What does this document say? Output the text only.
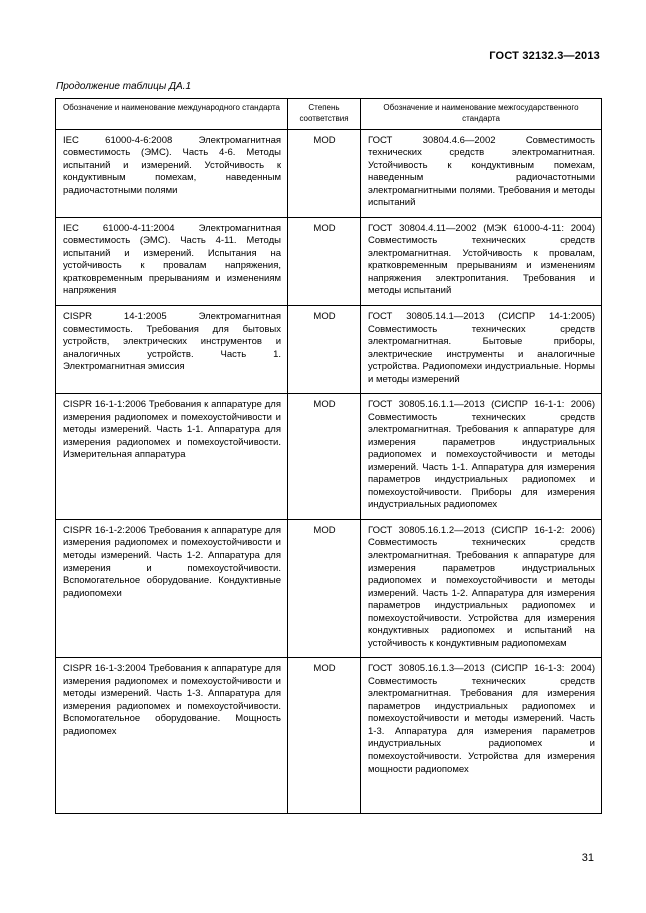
ГОСТ 32132.3—2013
Продолжение таблицы ДА.1
Обозначение и наименование международного стандарта	Степень соответствия	Обозначение и наименование межгосударственного стандарта
IEC 61000-4-6:2008 Электромагнитная совместимость (ЭМС). Часть 4-6. Методы испытаний и измерений. Устойчивость к кондуктивным помехам, наведенным радиочастотными полями	MOD	ГОСТ 30804.4.6—2002 Совместимость технических средств электромагнитная. Устойчивость к кондуктивным помехам, наведенным радиочастотными электромагнитными полями. Требования и методы испытаний
IEC 61000-4-11:2004 Электромагнитная совместимость (ЭМС). Часть 4-11. Методы испытаний и измерений. Испытания на устойчивость к провалам напряжения, кратковременным прерываниям и изменениям напряжения	MOD	ГОСТ 30804.4.11—2002 (МЭК 61000-4-11: 2004) Совместимость технических средств электромагнитная. Устойчивость к провалам, кратковременным прерываниям и изменениям напряжения электропитания. Требования и методы испытаний
CISPR 14-1:2005 Электромагнитная совместимость. Требования для бытовых устройств, электрических инструментов и аналогичных устройств. Часть 1. Электромагнитная эмиссия	MOD	ГОСТ 30805.14.1—2013 (СИСПР 14-1:2005) Совместимость технических средств электромагнитная. Бытовые приборы, электрические инструменты и аналогичные устройства. Радиопомехи индустриальные. Нормы и методы измерений
CISPR 16-1-1:2006 Требования к аппаратуре для измерения радиопомех и помехоустойчивости и методы измерений. Часть 1-1. Аппаратура для измерения радиопомех и помехоустойчивости. Измерительная аппаратура	MOD	ГОСТ 30805.16.1.1—2013 (СИСПР 16-1-1: 2006) Совместимость технических средств электромагнитная. Требования к аппаратуре для измерения параметров индустриальных радиопомех и помехоустойчивости и методы измерений. Часть 1-1. Аппаратура для измерения параметров индустриальных радиопомех и помехоустойчивости. Приборы для измерения индустриальных радиопомех
CISPR 16-1-2:2006 Требования к аппаратуре для измерения радиопомех и помехоустойчивости и методы измерений. Часть 1-2. Аппаратура для измерения и помехоустойчивости. Вспомогательное оборудование. Кондуктивные радиопомехи	MOD	ГОСТ 30805.16.1.2—2013 (СИСПР 16-1-2: 2006) Совместимость технических средств электромагнитная. Требования к аппаратуре для измерения параметров индустриальных радиопомех и помехоустойчивости и методы измерений. Часть 1-2. Аппаратура для измерения параметров индустриальных радиопомех и помехоустойчивости. Устройства для измерения кондуктивных радиопомех и испытаний на устойчивость к кондуктивным радиопомехам
CISPR 16-1-3:2004 Требования к аппаратуре для измерения радиопомех и помехоустойчивости и методы измерений. Часть 1-3. Аппаратура для измерения радиопомех и помехоустойчивости. Вспомогательное оборудование. Мощность радиопомех	MOD	ГОСТ 30805.16.1.3—2013 (СИСПР 16-1-3: 2004) Совместимость технических средств электромагнитная. Требования для измерения параметров индустриальных радиопомех и помехоустойчивости и методы измерений. Часть 1-3. Аппаратура для измерения параметров индустриальных радиопомех и помехоустойчивости. Устройства для измерения мощности радиопомех
31
